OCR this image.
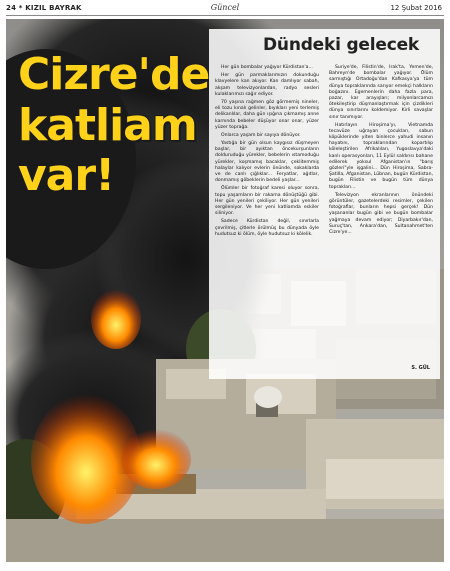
24 * KIZIL BAYRAK	Güncel	12 Şubat 2016
Cizre'de
katliam
var!
Dündeki gelecek

Her gün bombalar yağıyor Kürdistan'a...

Her gün parmaklarımızın dokunduğu klavyelere kan akıyor. Kan damlıyor sabah, akşam televizyonlardan, radyo sesleri kulaklarımızı sağır ediyor.

70 yaşına rağmen göz görmemiş nineler, eli tozu kınalı gelinler, bıyıkları yeni terlemiş delikanlılar, daha gün ışığına çıkmamış anne karnında bebeler düşüyor onar onar, yüzer yüzer toprağa.

Onlarca yaşam bir sayıya dönüyor.

Yastığa bir gün olsun kaygısız düşmeyen başlar, bir ayıktan öncekurşunların dolduruduğu yürekler, bebelerin ıstamoduğu yürekler, koşmamış bacaklar, çeklitemmiş halaylar kalıyor evlerin önünde, sokaklarda ve de canlı çığlıklar... Feryatlar, ağıtlar, donmamış göbeklerin bedeli yaşlar...

Ölümler bir fotoğraf karesi oluyor sonra, topu yaşamların bir rakama dönüştüğü gibi. Her gün yenileri çekiliyor. Her gün yenileri sergileniyor. Ve her yeni katliamda eskiler siliniyor.

Sadece Kürdistan değil, sınırlarla çevrilmiş, çitlerle örülmüş bu dünyada öyle hudutsuz ki ölüm, öyle hudutsuz ki kölelik.

Suriye'de, Filistin'de, Irak'ta, Yemen'de, Bahreyn'de bombalar yağıyor. Ölüm sarmıştığı Ortadoğu'dan Kafkasya'ya tüm dünya topraklarında sarıyor emekçi halkların boğazını. Egemenlerin daha fazla para, pazar, kar arayışları; milyonlarcamızı ötekileştirip düşmanlaştırmak için çizdikleri dünya sınırlarını koldemiyor. Kirli savaşlar sınır tanımıyor.

Hatırlayın Hiroşima'yı, Vietnamda tecavüze uğrayan çocukları, sabun köpüklerinde yiten binlerce yahudi insanın hayatını, topraklarından kopartılıp köleleştirilen Afrikalıları, Yugoslavya'daki kanlı operasyonları, 11 Eylül saldırısı bahane edilerek yoksul Afganistan'ın "barış gözleri"yle işgalini... Dün Hiroşima, Sabra-Şatilla, Afganistan, Lübnan, bugün Kürdistan, bugün Filistin ve bugün tüm dünya toprakları...

Televizyon ekranlarının önündeki görüntüler, gazetelerdeki resimler, çekilen fotoğraflar, bunların hepsi gerçek! Dün yaşananlar bugün gibi ve bugün bombalar yağmaya devam ediyor; Diyarbakır'dan, Suruç'tan, Ankara'dan, Sultanahmet'ten Cizre'ye...

S. GÜL
